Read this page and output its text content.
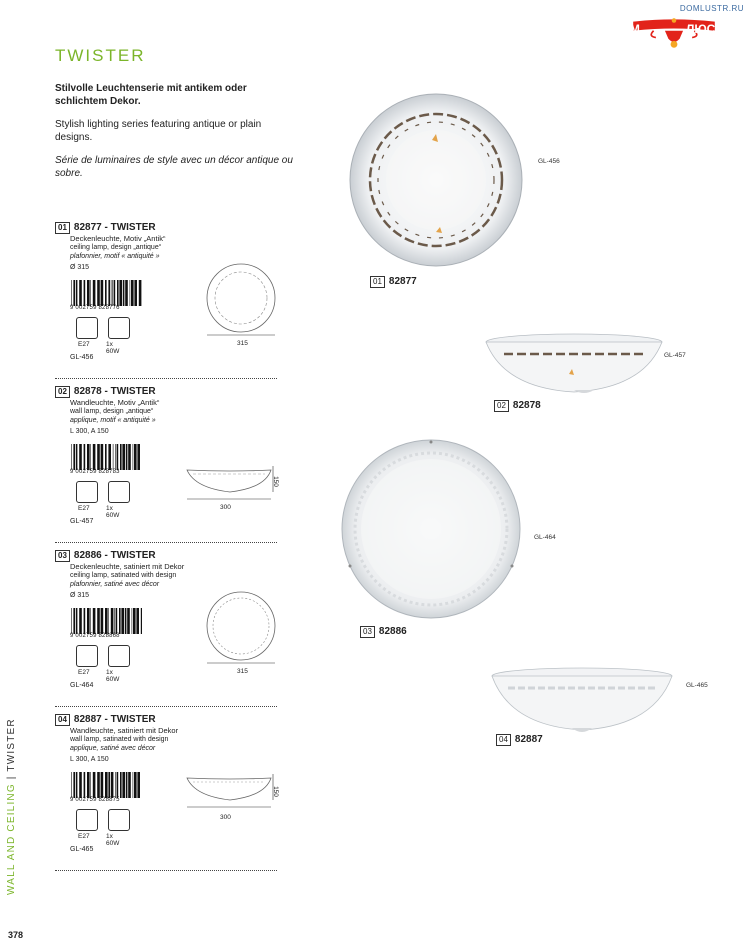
TWISTER
Stilvolle Leuchtenserie mit antikem oder schlichtem Dekor.
Stylish lighting series featuring antique or plain designs.
Série de luminaires de style avec un décor antique ou sobre.
DOMLUSTR.RU
ДОМ	ЛЮСТР
01 82877 - TWISTER
Deckenleuchte, Motiv „Antik“
ceiling lamp, design „antique“
plafonnier, motif « antiquité »
Ø 315
9 002759 828776
E27	1x 60W
GL-456
315
02 82878 - TWISTER
Wandleuchte, Motiv „Antik“
wall lamp, design „antique“
applique, motif « antiquité »
L 300, A 150
9 002759 828783
E27	1x 60W
GL-457
300
150
03 82886 - TWISTER
Deckenleuchte, satiniert mit Dekor
ceiling lamp, satinated with design
plafonnier, satiné avec décor
Ø 315
9 002759 828868
E27	1x 60W
GL-464
315
04 82887 - TWISTER
Wandleuchte, satiniert mit Dekor
wall lamp, satinated with design
applique, satiné avec décor
L 300, A 150
9 002759 828875
E27	1x 60W
GL-465
300
150
GL-456
01 82877
GL-457
02 82878
GL-464
03 82886
GL-465
04 82887
WALL AND CEILING | TWISTER
378
